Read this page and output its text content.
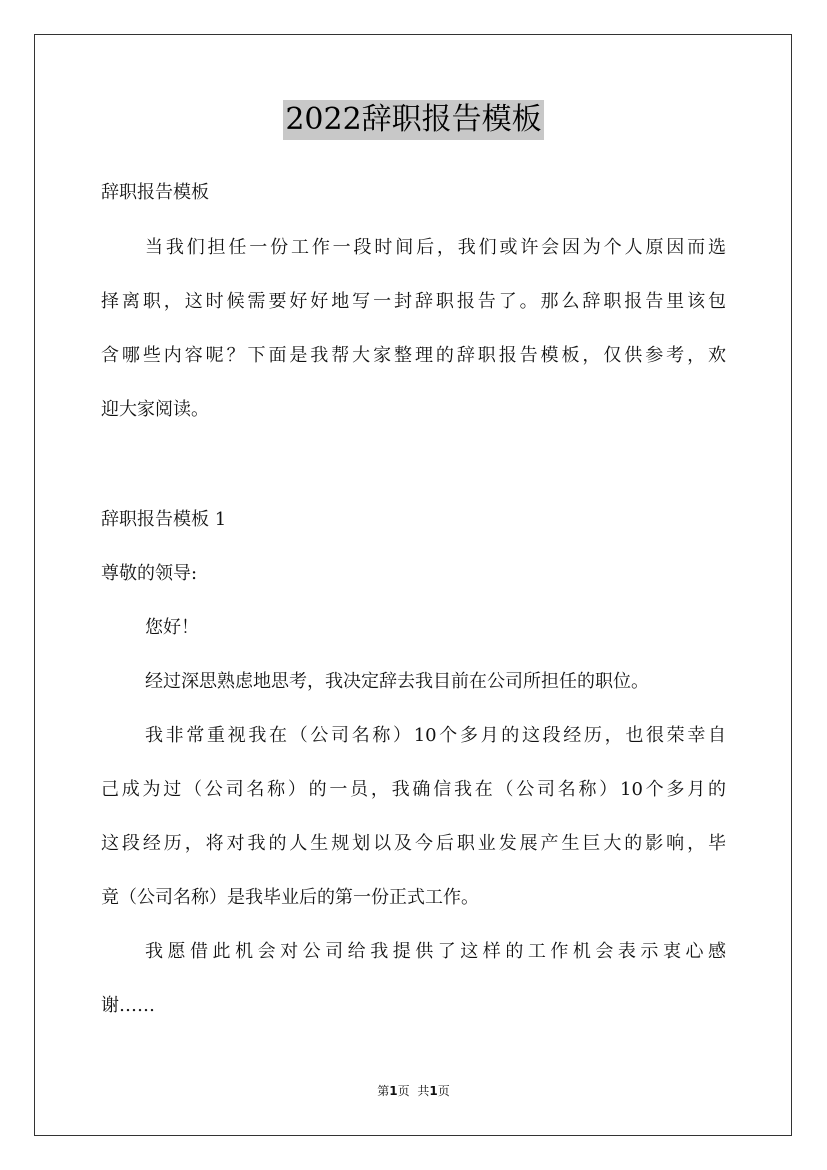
2022辞职报告模板
辞职报告模板
当我们担任一份工作一段时间后，我们或许会因为个人原因而选
择离职，这时候需要好好地写一封辞职报告了。那么辞职报告里该包
含哪些内容呢？下面是我帮大家整理的辞职报告模板，仅供参考，欢
迎大家阅读。
辞职报告模板 1
尊敬的领导:
您好！
经过深思熟虑地思考，我决定辞去我目前在公司所担任的职位。
我非常重视我在（公司名称）10个多月的这段经历，也很荣幸自
己成为过（公司名称）的一员，我确信我在（公司名称）10个多月的
这段经历，将对我的人生规划以及今后职业发展产生巨大的影响，毕
竟（公司名称）是我毕业后的第一份正式工作。
我愿借此机会对公司给我提供了这样的工作机会表示衷心感
谢……
第1页 共1页
